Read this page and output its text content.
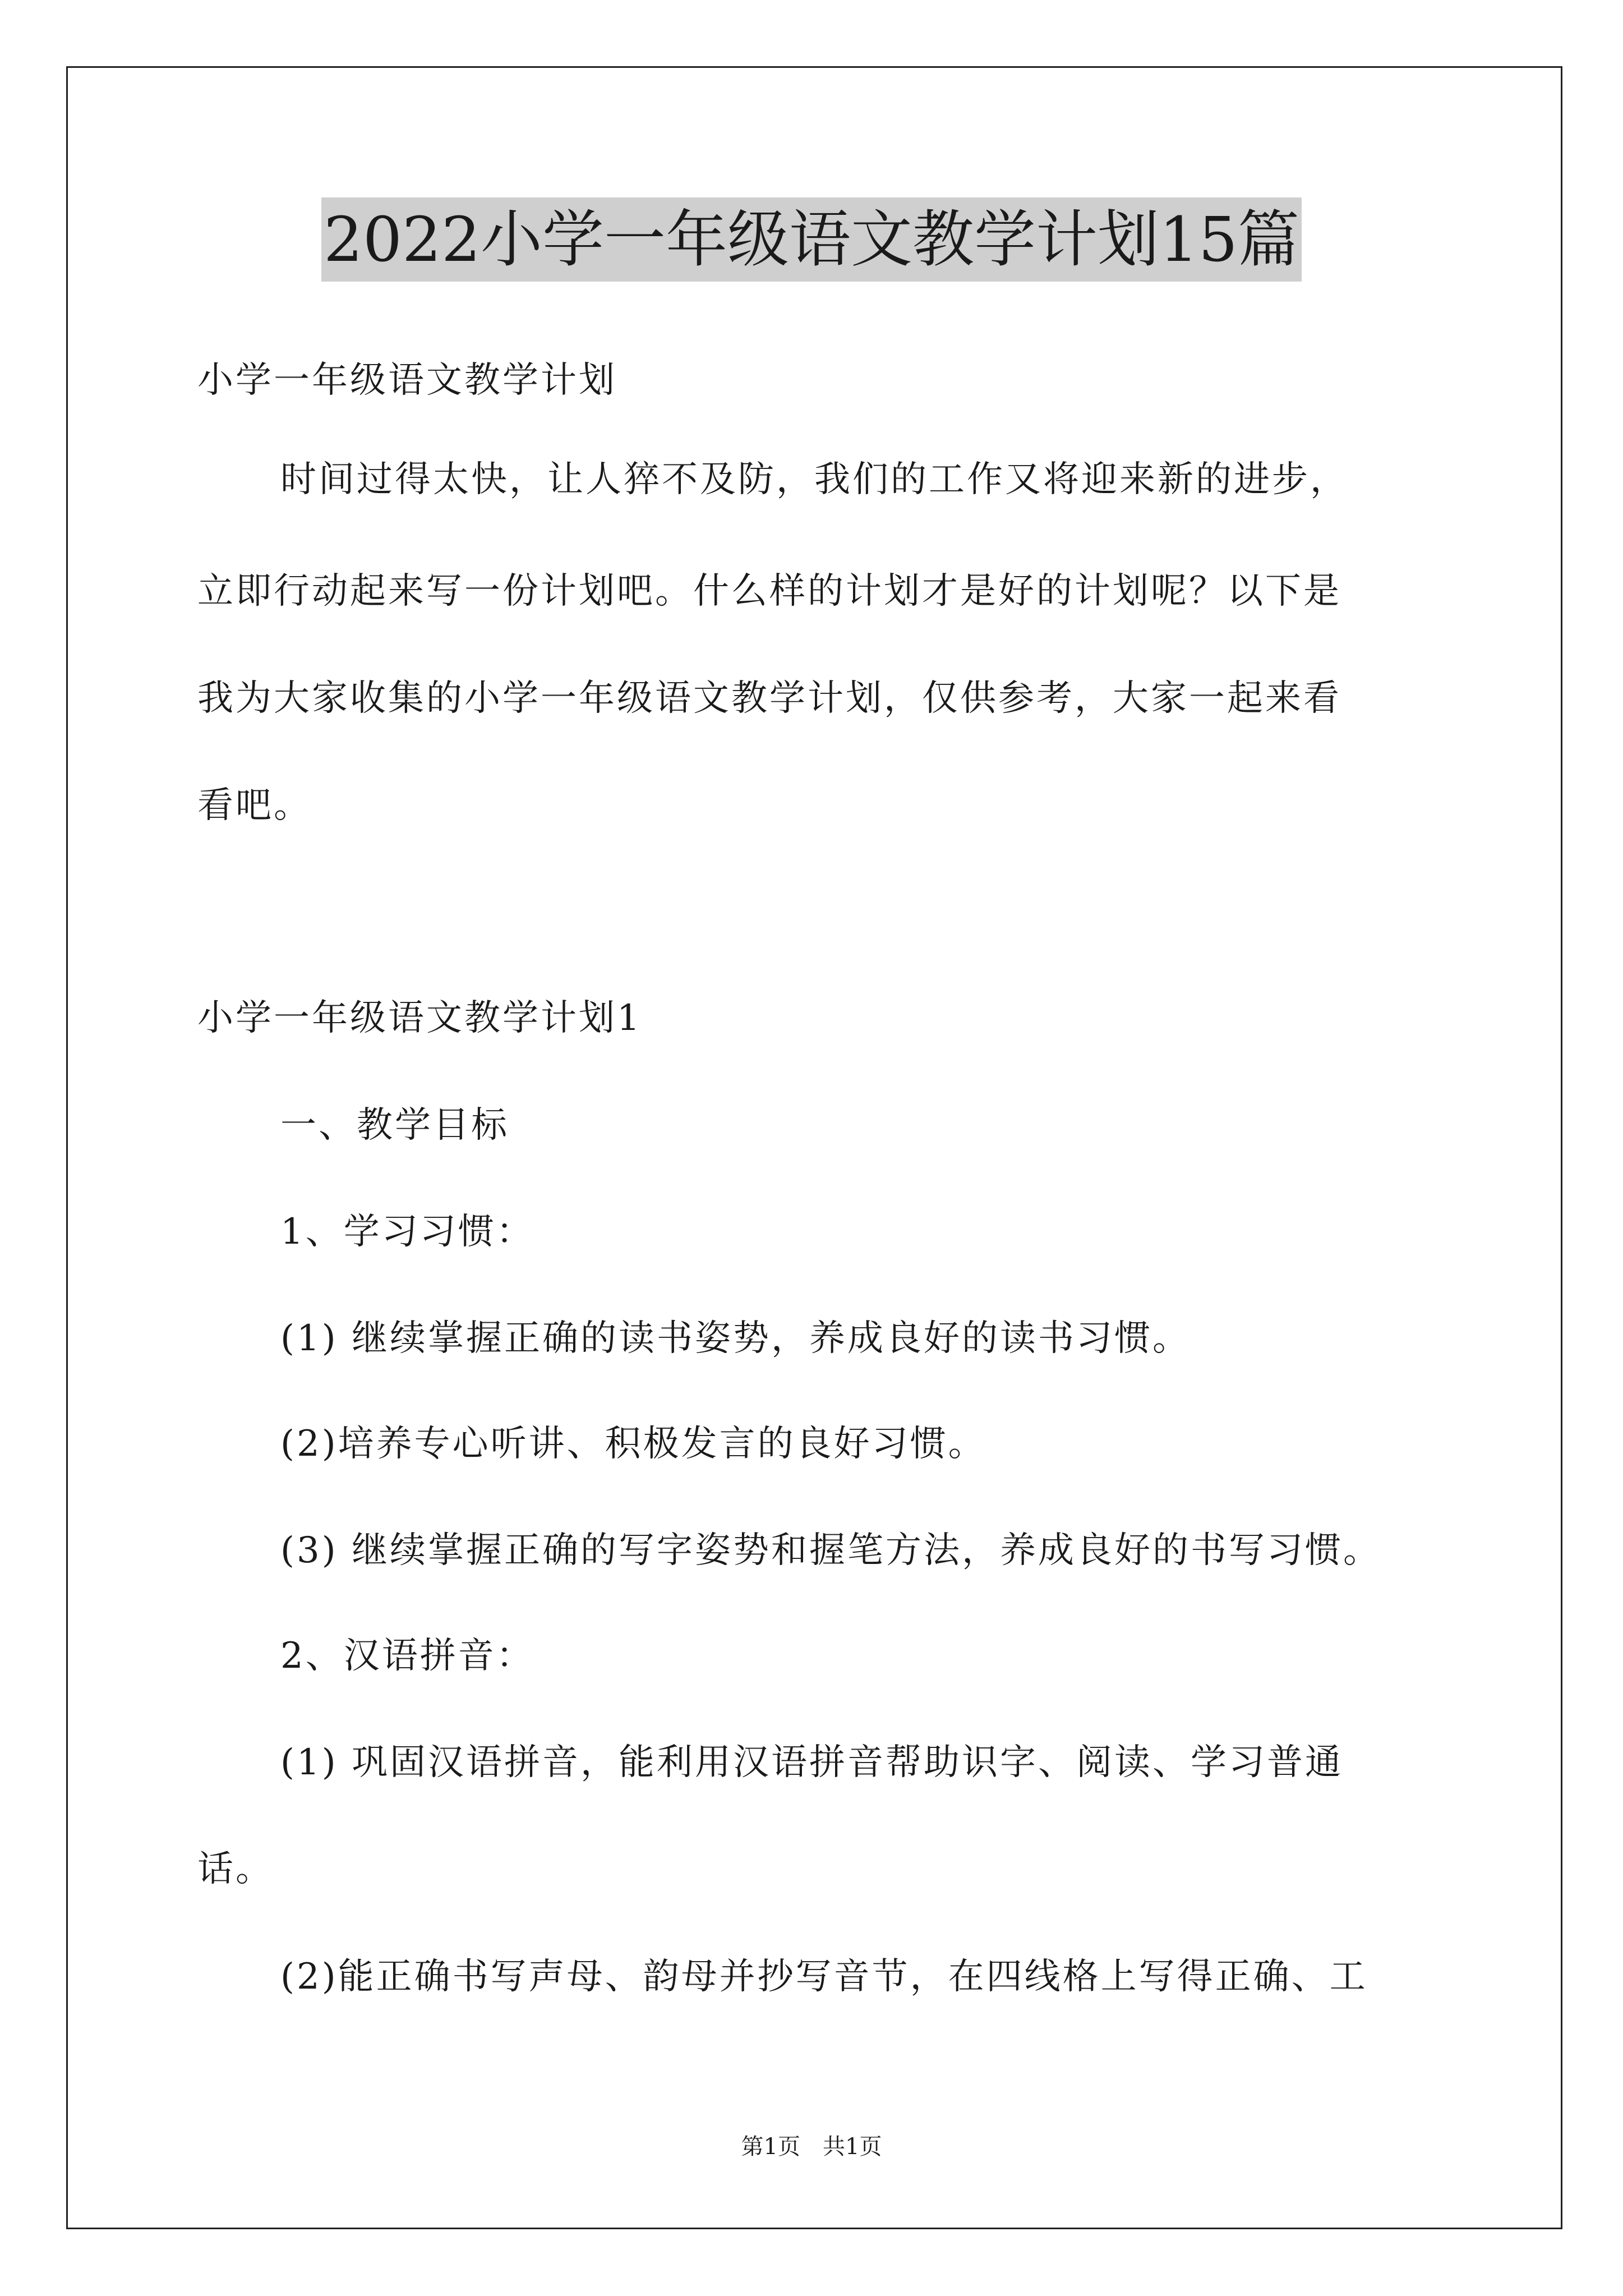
2022小学一年级语文教学计划15篇
小学一年级语文教学计划
时间过得太快，让人猝不及防，我们的工作又将迎来新的进步，
立即行动起来写一份计划吧。什么样的计划才是好的计划呢？以下是
我为大家收集的小学一年级语文教学计划，仅供参考，大家一起来看
看吧。
小学一年级语文教学计划1
一、教学目标
1、学习习惯：
(1) 继续掌握正确的读书姿势，养成良好的读书习惯。
(2)培养专心听讲、积极发言的良好习惯。
(3) 继续掌握正确的写字姿势和握笔方法，养成良好的书写习惯。
2、汉语拼音：
(1) 巩固汉语拼音，能利用汉语拼音帮助识字、阅读、学习普通
话。
(2)能正确书写声母、韵母并抄写音节，在四线格上写得正确、工
第1页 共1页
